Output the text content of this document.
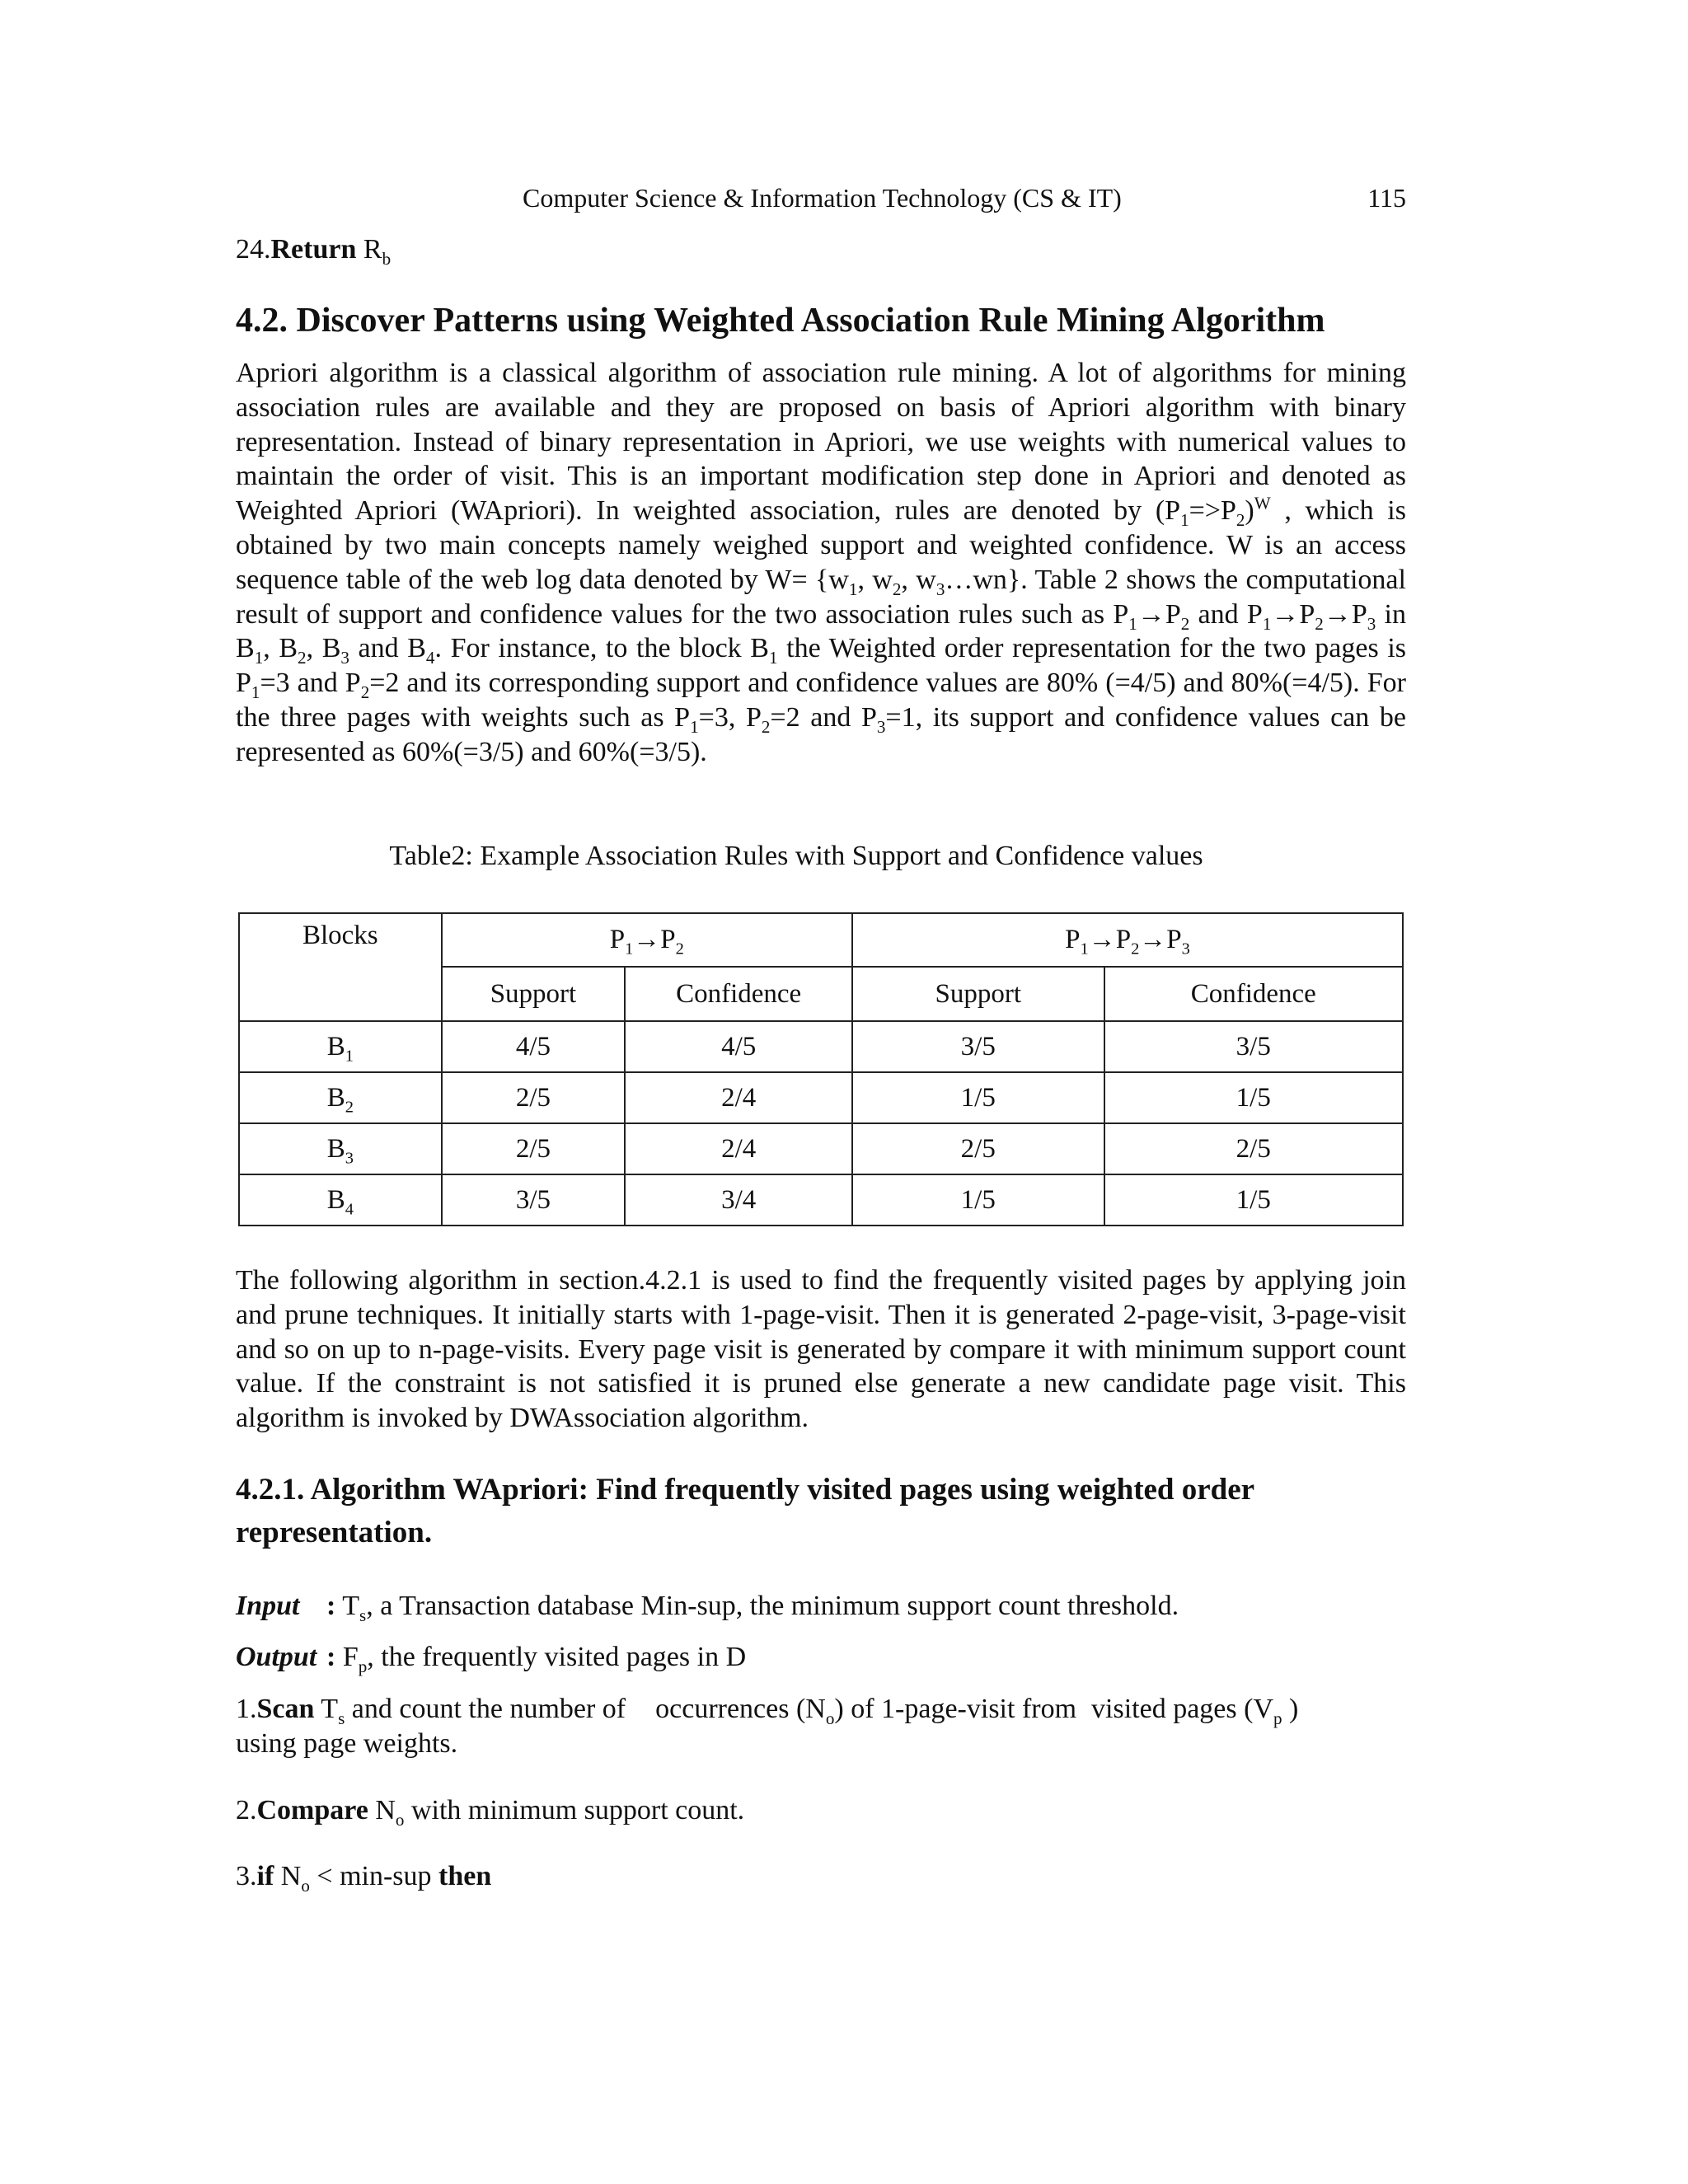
Computer Science & Information Technology (CS & IT)	115
24.Return $R_b$
4.2. Discover Patterns using Weighted Association Rule Mining Algorithm

Apriori algorithm is a classical algorithm of association rule mining. A lot of algorithms for mining association rules are available and they are proposed on basis of Apriori algorithm with binary representation. Instead of binary representation in Apriori, we use weights with numerical values to maintain the order of visit. This is an important modification step done in Apriori and denoted as Weighted Apriori (WApriori). In weighted association, rules are denoted by $(P_1=>P_2)^W$ , which is obtained by two main concepts namely weighed support and weighted confidence. W is an access sequence table of the web log data denoted by $W= \{w_1$, $w_2$, $w_3\dots wn$}. Table 2 shows the computational result of support and confidence values for the two association rules such as $P_1\to P_2$ and $P_1\to P_2\to P_3$ in $B_1$, $B_2$, $B_3$ and $B_4$. For instance, to the block $B_1$ the Weighted order representation for the two pages is $P_1=3$ and $P_2=2$ and its corresponding support and confidence values are 80% (=4/5) and 80%(=4/5). For the three pages with weights such as $P_1=3$, $P_2=2$ and $P_3=1$, its support and confidence values can be represented as 60%(=3/5) and 60%(=3/5).

Table2: Example Association Rules with Support and Confidence values
Blocks	$P_1\to P_2$		$P_1\to P_2\to P_3$
	Support	Confidence	Support	Confidence
$B_1$	4/5	4/5	3/5	3/5
$B_2$	2/5	2/4	1/5	1/5
$B_3$	2/5	2/4	2/5	2/5
$B_4$	3/5	3/4	1/5	1/5

The following algorithm in section.4.2.1 is used to find the frequently visited pages by applying join and prune techniques. It initially starts with 1-page-visit. Then it is generated 2-page-visit, 3-page-visit and so on up to n-page-visits. Every page visit is generated by compare it with minimum support count value. If the constraint is not satisfied it is pruned else generate a new candidate page visit. This algorithm is invoked by DWAssociation algorithm.

4.2.1. Algorithm WApriori: Find frequently visited pages using weighted order representation.
Input : $T_s$, a Transaction database Min-sup, the minimum support count threshold.
Output : $F_p$, the frequently visited pages in D
1.Scan $T_s$ and count the number of occurrences $(N_o)$ of 1-page-visit from visited pages ($V_p$ )
using page weights.
2.Compare $N_o$ with minimum support count.
3.if $N_o < \min-sup$ then
